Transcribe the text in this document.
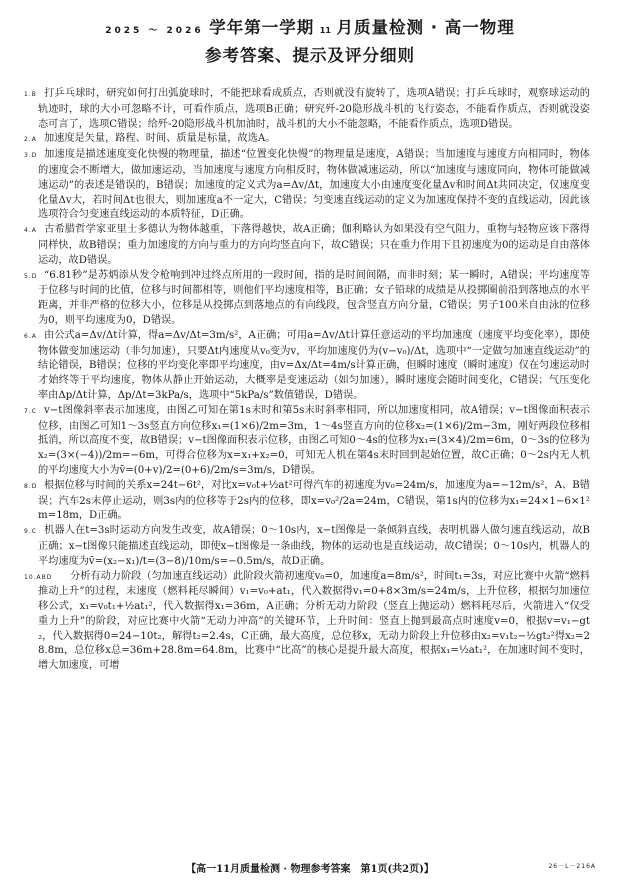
2025 ～ 2026 学年第一学期 11 月质量检测 · 高一物理
参考答案、提示及评分细则

1.B 打乒乓球时，研究如何打出弧旋球时，不能把球看成质点，否则就没有旋转了，选项A错误；打乒乓球时，观察球运动的轨迹时，球的大小可忽略不计，可看作质点，选项B正确；研究歼-20隐形战斗机的飞行姿态，不能看作质点，否则就没姿态可言了，选项C错误；给歼-20隐形战斗机加油时，战斗机的大小不能忽略，不能看作质点，选项D错误。

2.A 加速度是矢量，路程、时间、质量是标量，故选A。

3.D 加速度是描述速度变化快慢的物理量，描述“位置变化快慢”的物理量是速度，A错误；当加速度与速度方向相同时，物体的速度会不断增大，做加速运动，当加速度与速度方向相反时，物体做减速运动，所以“加速度与速度同向，物体可能做减速运动”的表述是错误的，B错误；加速度的定义式为a=Δv/Δt，加速度大小由速度变化量Δv和时间Δt共同决定，仅速度变化量Δv大，若时间Δt也很大，则加速度a不一定大，C错误；匀变速直线运动的定义为加速度保持不变的直线运动，因此该选项符合匀变速直线运动的本质特征，D正确。

4.A 古希腊哲学家亚里士多德认为物体越重，下落得越快，故A正确；伽利略认为如果没有空气阻力，重物与轻物应该下落得同样快，故B错误；重力加速度的方向与重力的方向均竖直向下，故C错误；只在重力作用下且初速度为0的运动是自由落体运动，故D错误。

5.D “6.81秒”是苏炳添从发令枪响到冲过终点所用的一段时间，指的是时间间隔，而非时刻；某一瞬时，A错误；平均速度等于位移与时间的比值，位移与时间都相等，则他们平均速度相等，B正确；女子铅球的成绩是从投掷圈前沿到落地点的水平距离，并非严格的位移大小，位移是从投掷点到落地点的有向线段，包含竖直方向分量，C错误；男子100米自由泳的位移为0，则平均速度为0，D错误。

6.A 由公式a=Δv/Δt计算，得a=Δv/Δt=3m/s²，A正确；可用a=Δv/Δt计算任意运动的平均加速度（速度平均变化率），即使物体做变加速运动（非匀加速），只要Δt内速度从v₀变为v，平均加速度仍为(v−v₀)/Δt，选项中“一定做匀加速直线运动”的结论错误，B错误；位移的平均变化率即平均速度，由v=Δx/Δt=4m/s计算正确，但瞬时速度（瞬时速度）仅在匀速运动时才始终等于平均速度，物体从静止开始运动，大概率是变速运动（如匀加速），瞬时速度会随时间变化，C错误；气压变化率由Δp/Δt计算，Δp/Δt=3kPa/s，选项中“5kPa/s”数值错误，D错误。

7.C v−t图像斜率表示加速度，由图乙可知在第1s末时和第5s末时斜率相同，所以加速度相同，故A错误；v−t图像面积表示位移，由图乙可知1～3s竖直方向位移x₁=(1×6)/2m=3m，1～4s竖直方向的位移x₂=(1×6)/2m−3m，刚好两段位移相抵消，所以高度不变，故B错误；v−t图像面积表示位移，由图乙可知0～4s的位移为x₁=(3×4)/2m=6m，0～3s的位移为x₂=(3×(−4))/2m=−6m，可得合位移为x=x₁+x₂=0，可知无人机在第4s末时回到起始位置，故C正确；0～2s内无人机的平均速度大小为v̄=(0+v)/2=(0+6)/2m/s=3m/s，D错误。

8.D 根据位移与时间的关系x=24t−6t²，对比x=v₀t+½at²可得汽车的初速度为v₀=24m/s，加速度为a=−12m/s²，A、B错误；汽车2s末停止运动，则3s内的位移等于2s内的位移，即x=v₀²/2a=24m，C错误，第1s内的位移为x₁=24×1−6×1²m=18m，D正确。

9.C 机器人在t=3s时运动方向发生改变，故A错误；0～10s内，x−t图像是一条倾斜直线，表明机器人做匀速直线运动，故B正确；x−t图像只能描述直线运动，即使x−t图像是一条曲线，物体的运动也是直线运动，故C错误；0～10s内，机器人的平均速度为v̄=(x₂−x₁)/t=(3−8)/10m/s=−0.5m/s，故D正确。

10.ABD 分析有动力阶段（匀加速直线运动）此阶段火箭初速度v₀=0，加速度a=8m/s²，时间t₁=3s，对应比赛中火箭“燃料推动上升”的过程，末速度（燃料耗尽瞬间）v₁=v₀+at₁，代入数据得v₁=0+8×3m/s=24m/s，上升位移，根据匀加速位移公式，x₁=v₀t₁+½at₁²，代入数据得x₁=36m，A正确；分析无动力阶段（竖直上抛运动）燃料耗尽后，火箭进入“仅受重力上升”的阶段，对应比赛中火箭“无动力冲高”的关键环节，上升时间：竖直上抛到最高点时速度v=0，根据v=v₁−gt₂，代入数据得0=24−10t₂，解得t₂=2.4s，C正确，最大高度，总位移x，无动力阶段上升位移由x₂=v₁t₂−½gt₂²得x₂=28.8m，总位移x总=36m+28.8m=64.8m，比赛中“比高”的核心是提升最大高度，根据x₁=½at₁²，在加速时间不变时，增大加速度，可增

【高一11月质量检测 · 物理参考答案　第1页(共2页)】	26－L－216A
